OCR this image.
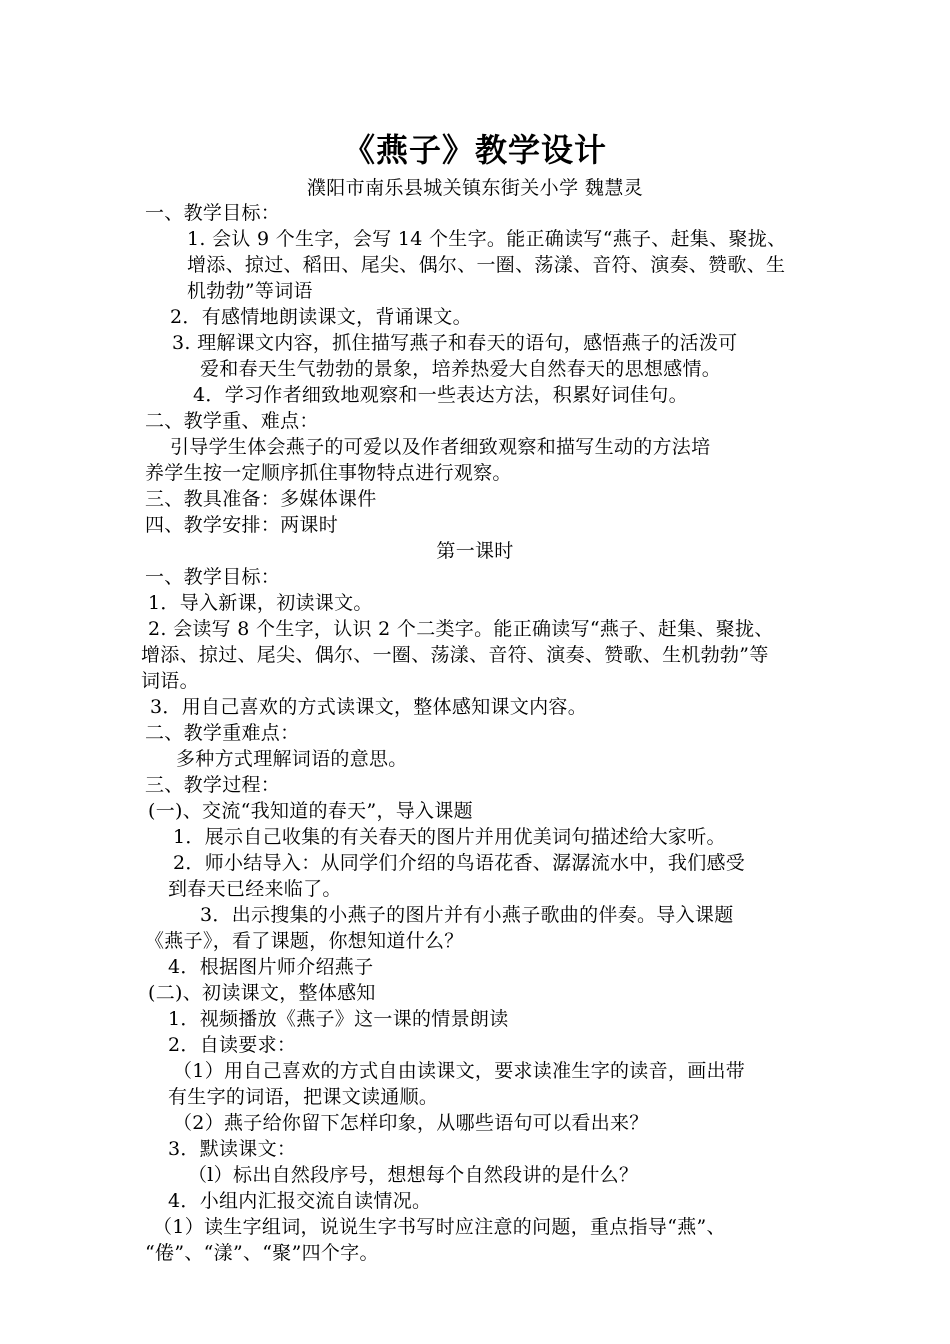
《燕子》教学设计
濮阳市南乐县城关镇东街关小学 魏慧灵
一、教学目标：
1. 会认 9 个生字，会写 14 个生字。能正确读写“燕子、赶集、聚拢、
增添、掠过、稻田、尾尖、偶尔、一圈、荡漾、音符、演奏、赞歌、生
机勃勃”等词语
2．有感情地朗读课文，背诵课文。
3. 理解课文内容，抓住描写燕子和春天的语句，感悟燕子的活泼可
爱和春天生气勃勃的景象，培养热爱大自然春天的思想感情。
4．学习作者细致地观察和一些表达方法，积累好词佳句。
二、教学重、难点：
引导学生体会燕子的可爱以及作者细致观察和描写生动的方法培
养学生按一定顺序抓住事物特点进行观察。
三、教具准备：多媒体课件
四、教学安排：两课时
第一课时
一、教学目标：
1．导入新课，初读课文。
2. 会读写 8 个生字，认识 2 个二类字。能正确读写“燕子、赶集、聚拢、
增添、掠过、尾尖、偶尔、一圈、荡漾、音符、演奏、赞歌、生机勃勃”等
词语。
3．用自己喜欢的方式读课文，整体感知课文内容。
二、教学重难点：
多种方式理解词语的意思。
三、教学过程：
(一)、交流“我知道的春天”，导入课题
1．展示自己收集的有关春天的图片并用优美词句描述给大家听。
2．师小结导入：从同学们介绍的鸟语花香、潺潺流水中，我们感受
到春天已经来临了。
3．出示搜集的小燕子的图片并有小燕子歌曲的伴奏。导入课题
《燕子》，看了课题，你想知道什么？
4．根据图片师介绍燕子
(二)、初读课文，整体感知
1．视频播放《燕子》这一课的情景朗读
2．自读要求：
（1）用自己喜欢的方式自由读课文，要求读准生字的读音，画出带
有生字的词语，把课文读通顺。
（2）燕子给你留下怎样印象，从哪些语句可以看出来？
3．默读课文：
（l）标出自然段序号，想想每个自然段讲的是什么？
4．小组内汇报交流自读情况。
（1）读生字组词，说说生字书写时应注意的问题，重点指导“燕”、
“倦”、“漾”、“聚”四个字。
